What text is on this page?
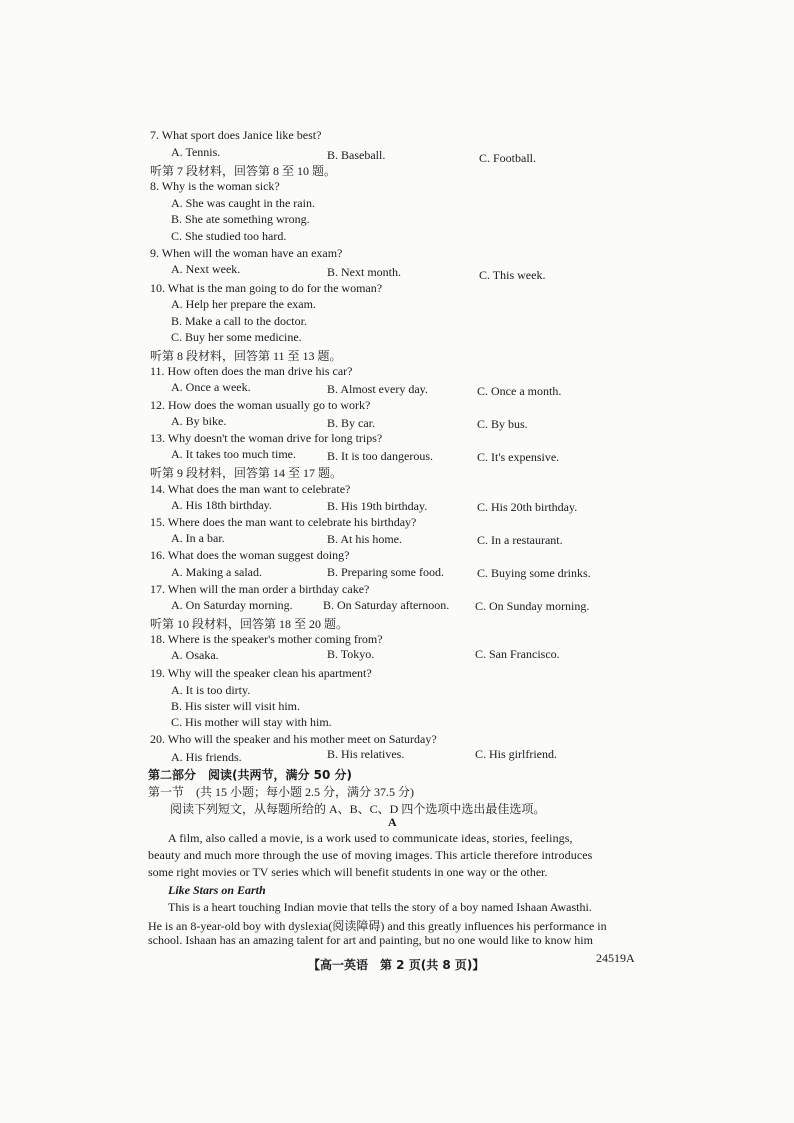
7. What sport does Janice like best?
A. Tennis.	B. Baseball.	C. Football.
听第 7 段材料，回答第 8 至 10 题。
8. Why is the woman sick?
A. She was caught in the rain.
B. She ate something wrong.
C. She studied too hard.
9. When will the woman have an exam?
A. Next week.	B. Next month.	C. This week.
10. What is the man going to do for the woman?
A. Help her prepare the exam.
B. Make a call to the doctor.
C. Buy her some medicine.
听第 8 段材料，回答第 11 至 13 题。
11. How often does the man drive his car?
A. Once a week.	B. Almost every day.	C. Once a month.
12. How does the woman usually go to work?
A. By bike.	B. By car.	C. By bus.
13. Why doesn't the woman drive for long trips?
A. It takes too much time.	B. It is too dangerous.	C. It's expensive.
听第 9 段材料，回答第 14 至 17 题。
14. What does the man want to celebrate?
A. His 18th birthday.	B. His 19th birthday.	C. His 20th birthday.
15. Where does the man want to celebrate his birthday?
A. In a bar.	B. At his home.	C. In a restaurant.
16. What does the woman suggest doing?
A. Making a salad.	B. Preparing some food.	C. Buying some drinks.
17. When will the man order a birthday cake?
A. On Saturday morning.	B. On Saturday afternoon. C. On Sunday morning.
听第 10 段材料，回答第 18 至 20 题。
18. Where is the speaker's mother coming from?
A. Osaka.	B. Tokyo.	C. San Francisco.
19. Why will the speaker clean his apartment?
A. It is too dirty.
B. His sister will visit him.
C. His mother will stay with him.
20. Who will the speaker and his mother meet on Saturday?
A. His friends.	B. His relatives.	C. His girlfriend.
第二部分　阅读(共两节，满分 50 分)
第一节　(共 15 小题；每小题 2.5 分，满分 37.5 分)
阅读下列短文，从每题所给的 A、B、C、D 四个选项中选出最佳选项。
A
A film, also called a movie, is a work used to communicate ideas, stories, feelings,
beauty and much more through the use of moving images. This article therefore introduces
some right movies or TV series which will benefit students in one way or the other.
Like Stars on Earth
This is a heart touching Indian movie that tells the story of a boy named Ishaan Awasthi.
He is an 8-year-old boy with dyslexia(阅读障碍) and this greatly influences his performance in
school. Ishaan has an amazing talent for art and painting, but no one would like to know him
【高一英语　第 2 页(共 8 页)】	24519A
